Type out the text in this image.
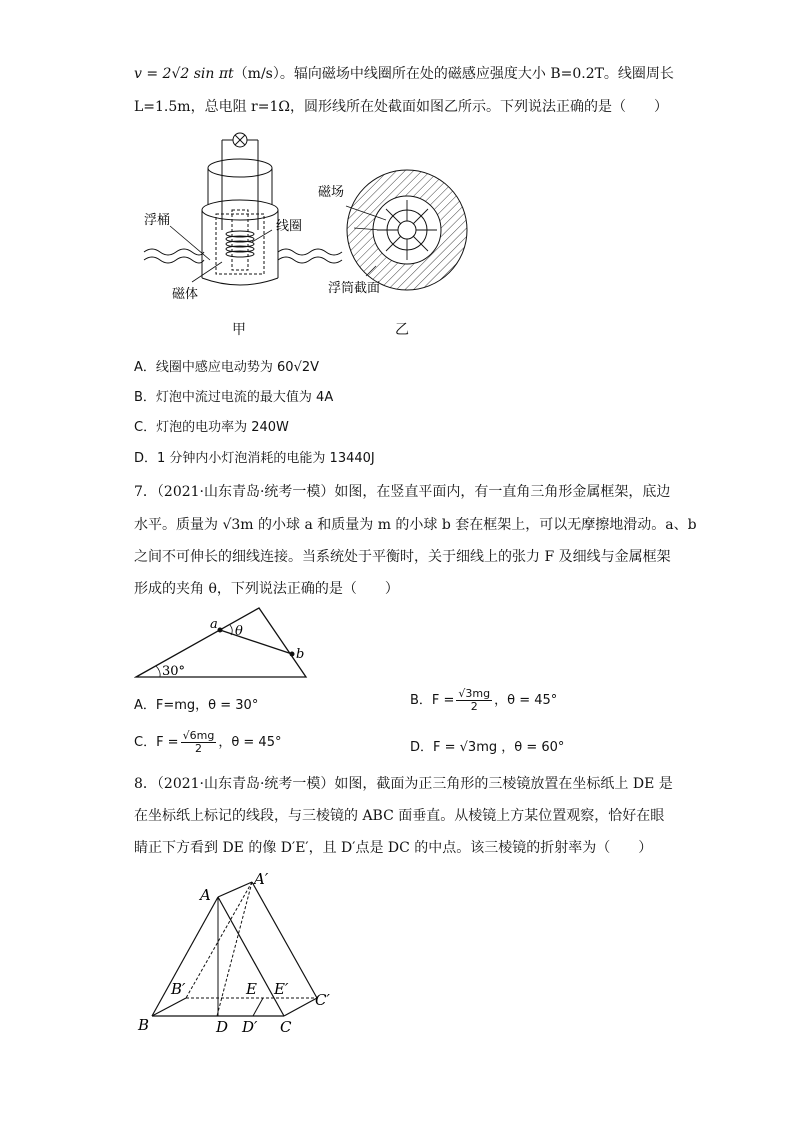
v = 2√2 sin πt（m/s）。辐向磁场中线圈所在处的磁感应强度大小 B=0.2T。线圈周长
L=1.5m，总电阻 r=1Ω，圆形线所在处截面如图乙所示。下列说法正确的是（　　）
浮桶
磁体
线圈
磁场
浮筒截面
甲	乙
A．线圈中感应电动势为 60√2V
B．灯泡中流过电流的最大值为 4A
C．灯泡的电功率为 240W
D．1 分钟内小灯泡消耗的电能为 13440J
7．（2021·山东青岛·统考一模）如图，在竖直平面内，有一直角三角形金属框架，底边
水平。质量为 √3m 的小球 a 和质量为 m 的小球 b 套在框架上，可以无摩擦地滑动。a、b
之间不可伸长的细线连接。当系统处于平衡时，关于细线上的张力 F 及细线与金属框架
形成的夹角 θ，下列说法正确的是（　　）
a θ
b
30°
A．F=mg，θ = 30°	B．$F = \frac{√3mg}{2}$ ，θ = 45°
C．$F = \frac{√6mg}{2}$ ，θ = 45°	D．F = √3mg ，θ = 60°
8．（2021·山东青岛·统考一模）如图，截面为正三角形的三棱镜放置在坐标纸上 DE 是
在坐标纸上标记的线段，与三棱镜的 ABC 面垂直。从棱镜上方某位置观察，恰好在眼
睛正下方看到 DE 的像 D′E′，且 D′点是 DC 的中点。该三棱镜的折射率为（　　）
A
A′
B
B′
C
C′
D D′
E E′
